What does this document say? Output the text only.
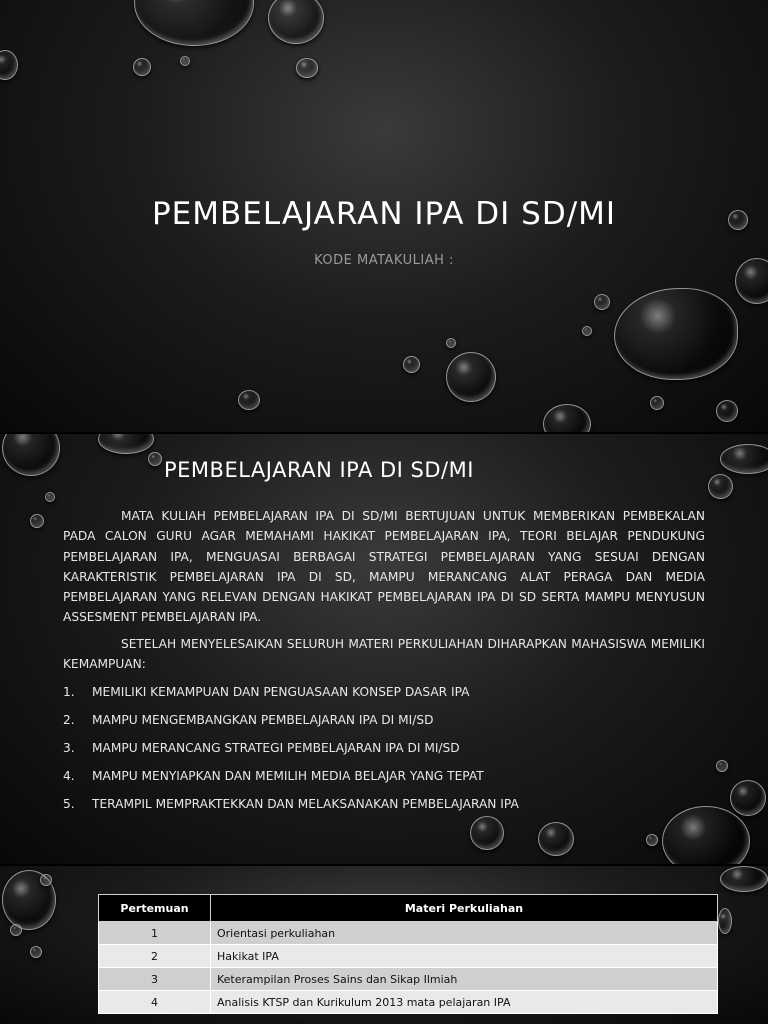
PEMBELAJARAN IPA DI SD/MI
KODE MATAKULIAH :
PEMBELAJARAN IPA DI SD/MI
MATA KULIAH PEMBELAJARAN IPA DI SD/MI BERTUJUAN UNTUK MEMBERIKAN PEMBEKALAN PADA CALON GURU AGAR MEMAHAMI HAKIKAT PEMBELAJARAN IPA, TEORI BELAJAR PENDUKUNG PEMBELAJARAN IPA, MENGUASAI BERBAGAI STRATEGI PEMBELAJARAN YANG SESUAI DENGAN KARAKTERISTIK PEMBELAJARAN IPA DI SD, MAMPU MERANCANG ALAT PERAGA DAN MEDIA PEMBELAJARAN YANG RELEVAN DENGAN HAKIKAT PEMBELAJARAN IPA DI SD SERTA MAMPU MENYUSUN ASSESMENT PEMBELAJARAN IPA.
SETELAH MENYELESAIKAN SELURUH MATERI PERKULIAHAN DIHARAPKAN MAHASISWA MEMILIKI KEMAMPUAN:
1.	MEMILIKI KEMAMPUAN DAN PENGUASAAN KONSEP DASAR IPA
2.	MAMPU MENGEMBANGKAN PEMBELAJARAN IPA DI MI/SD
3.	MAMPU MERANCANG STRATEGI PEMBELAJARAN IPA DI MI/SD
4.	MAMPU MENYIAPKAN DAN MEMILIH MEDIA BELAJAR YANG TEPAT
5.	TERAMPIL MEMPRAKTEKKAN DAN MELAKSANAKAN PEMBELAJARAN IPA
Pertemuan	Materi Perkuliahan
1	Orientasi perkuliahan
2	Hakikat IPA
3	Keterampilan Proses Sains dan Sikap Ilmiah
4	Analisis KTSP dan Kurikulum 2013 mata pelajaran IPA
